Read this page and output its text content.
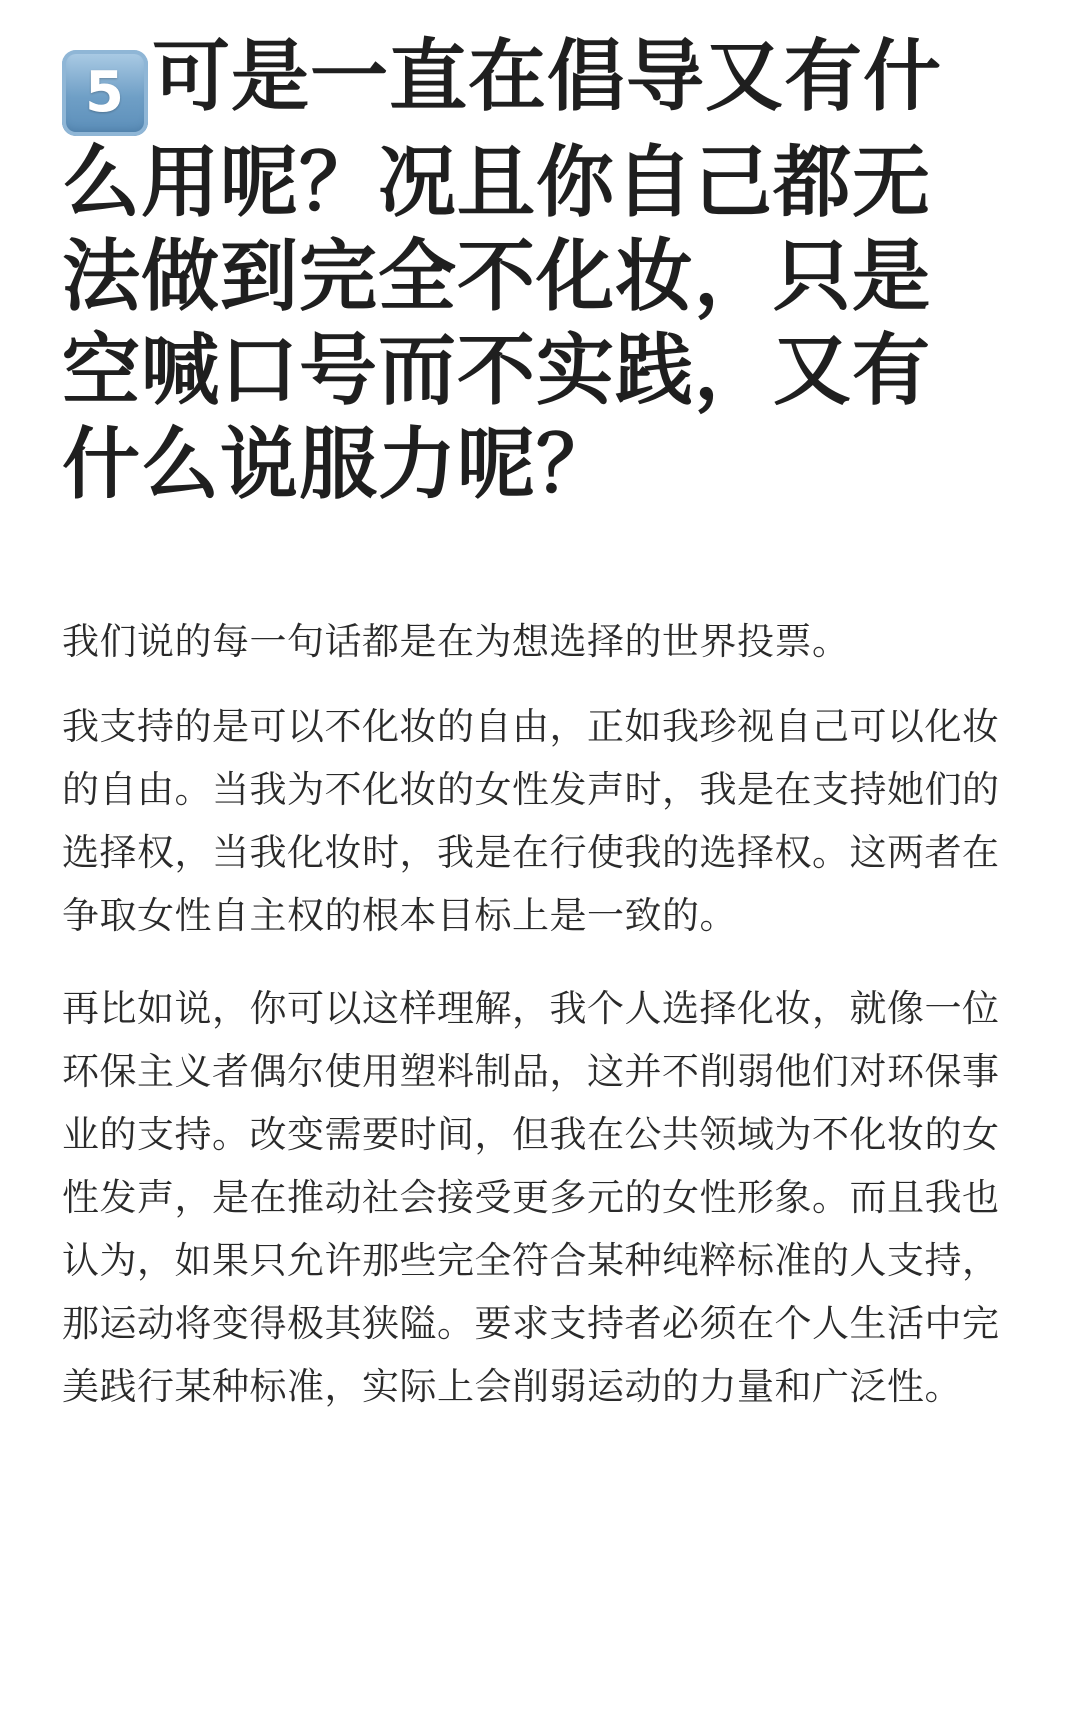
5 可是一直在倡导又有什么用呢？况且你自己都无法做到完全不化妆，只是空喊口号而不实践，又有什么说服力呢？

我们说的每一句话都是在为想选择的世界投票。

我支持的是可以不化妆的自由，正如我珍视自己可以化妆的自由。当我为不化妆的女性发声时，我是在支持她们的选择权，当我化妆时，我是在行使我的选择权。这两者在争取女性自主权的根本目标上是一致的。

再比如说，你可以这样理解，我个人选择化妆，就像一位环保主义者偶尔使用塑料制品，这并不削弱他们对环保事业的支持。改变需要时间，但我在公共领域为不化妆的女性发声，是在推动社会接受更多元的女性形象。而且我也认为，如果只允许那些完全符合某种纯粹标准的人支持，那运动将变得极其狭隘。要求支持者必须在个人生活中完美践行某种标准，实际上会削弱运动的力量和广泛性。
